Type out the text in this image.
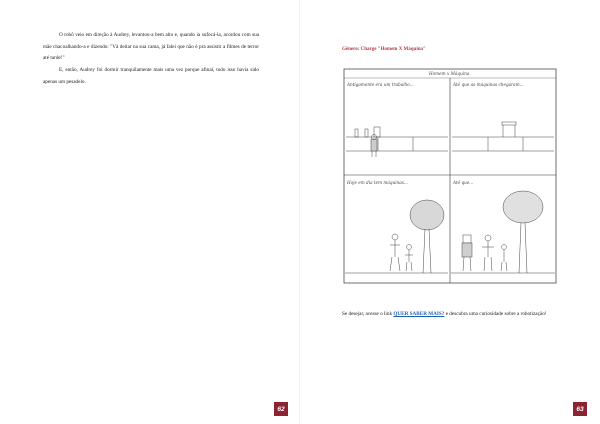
O robô veio em direção à Audrey, levantou-a bem alto e, quando ia sufocá-la, acordou com sua mãe chacoalhando-a e dizendo: "Vá deitar na sua cama, já falei que não é pra assistir a filmes de terror até tarde!"

E, então, Audrey foi dormir tranquilamente mais uma vez porque afinal, tudo isso havia sido apenas um pesadelo.

62

Gênero: Charge "Homem X Máquina"

Homem x Máquina
Antigamente era um trabalho...	Até que as máquinas chegaram...
Hoje em dia tem máquinas...	Até que...

Se desejar, acesse o link QUER SABER MAIS? e descubra uma curiosidade sobre a robotização!

63
